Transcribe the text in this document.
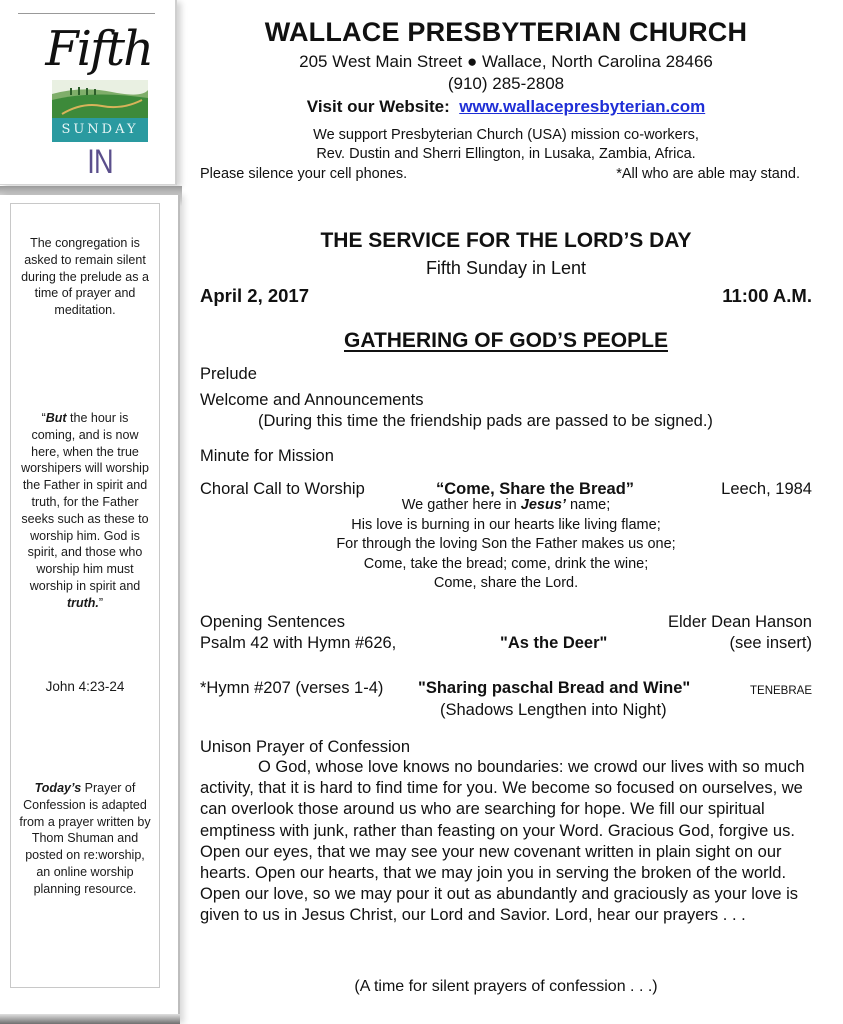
Fifth
SUNDAY
IN
The congregation is asked to remain silent during the prelude as a time of prayer and meditation.
“But the hour is coming, and is now here, when the true worshipers will worship the Father in spirit and truth, for the Father seeks such as these to worship him. God is spirit, and those who worship him must worship in spirit and truth.”
John 4:23-24
Today’s Prayer of Confession is adapted from a prayer written by Thom Shuman and posted on re:worship, an online worship planning resource.
WALLACE PRESBYTERIAN CHURCH
205 West Main Street ● Wallace, North Carolina 28466
(910) 285-2808
Visit our Website: www.wallacepresbyterian.com
We support Presbyterian Church (USA) mission co-workers,
Rev. Dustin and Sherri Ellington, in Lusaka, Zambia, Africa.
Please silence your cell phones.	*All who are able may stand.
THE SERVICE FOR THE LORD’S DAY
Fifth Sunday in Lent
April 2, 2017	11:00 A.M.
GATHERING OF GOD’S PEOPLE
Prelude
Welcome and Announcements
(During this time the friendship pads are passed to be signed.)
Minute for Mission
Choral Call to Worship	“Come, Share the Bread”	Leech, 1984
We gather here in Jesus’ name;
His love is burning in our hearts like living flame;
For through the loving Son the Father makes us one;
Come, take the bread; come, drink the wine;
Come, share the Lord.
Opening Sentences	Elder Dean Hanson
Psalm 42 with Hymn #626,	"As the Deer"	(see insert)
*Hymn #207 (verses 1-4) "Sharing paschal Bread and Wine"	TENEBRAE
(Shadows Lengthen into Night)
Unison Prayer of Confession
O God, whose love knows no boundaries: we crowd our lives with so much activity, that it is hard to find time for you. We become so focused on ourselves, we can overlook those around us who are searching for hope. We fill our spiritual emptiness with junk, rather than feasting on your Word. Gracious God, forgive us. Open our eyes, that we may see your new covenant written in plain sight on our hearts. Open our hearts, that we may join you in serving the broken of the world. Open our love, so we may pour it out as abundantly and graciously as your love is given to us in Jesus Christ, our Lord and Savior. Lord, hear our prayers . . .
(A time for silent prayers of confession . . .)
